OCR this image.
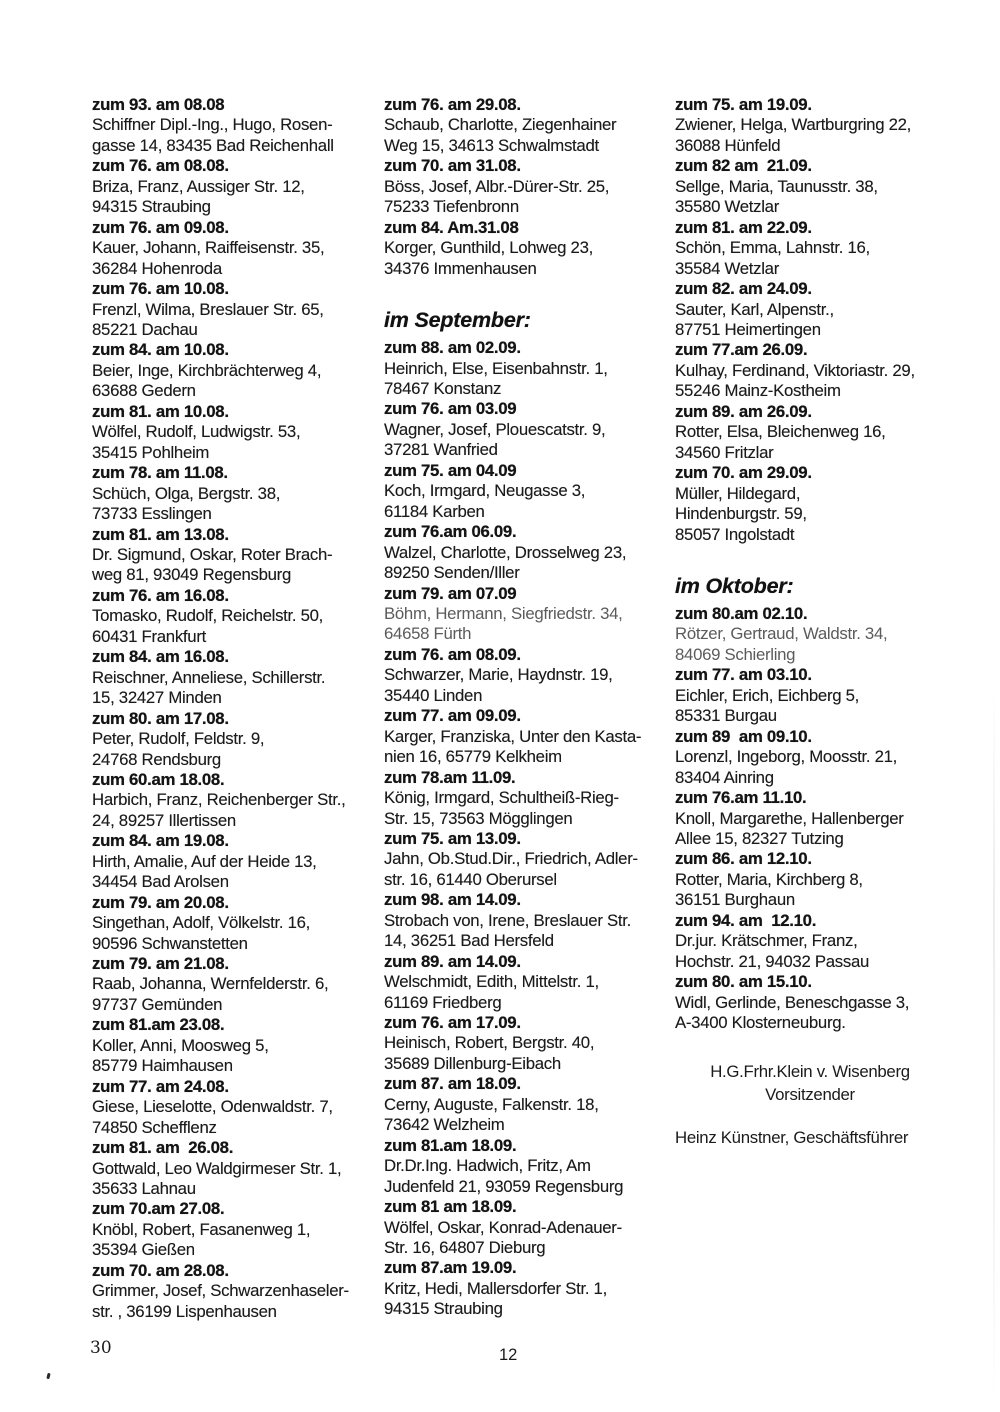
zum 93. am 08.08
Schiffner Dipl.-Ing., Hugo, Rosen-
gasse 14, 83435 Bad Reichenhall
zum 76. am 08.08.
Briza, Franz, Aussiger Str. 12,
94315 Straubing
zum 76. am 09.08.
Kauer, Johann, Raiffeisenstr. 35,
36284 Hohenroda
zum 76. am 10.08.
Frenzl, Wilma, Breslauer Str. 65,
85221 Dachau
zum 84. am 10.08.
Beier, Inge, Kirchbrächterweg 4,
63688 Gedern
zum 81. am 10.08.
Wölfel, Rudolf, Ludwigstr. 53,
35415 Pohlheim
zum 78. am 11.08.
Schüch, Olga, Bergstr. 38,
73733 Esslingen
zum 81. am 13.08.
Dr. Sigmund, Oskar, Roter Brach-
weg 81, 93049 Regensburg
zum 76. am 16.08.
Tomasko, Rudolf, Reichelstr. 50,
60431 Frankfurt
zum 84. am 16.08.
Reischner, Anneliese, Schillerstr.
15, 32427 Minden
zum 80. am 17.08.
Peter, Rudolf, Feldstr. 9,
24768 Rendsburg
zum 60.am 18.08.
Harbich, Franz, Reichenberger Str.,
24, 89257 Illertissen
zum 84. am 19.08.
Hirth, Amalie, Auf der Heide 13,
34454 Bad Arolsen
zum 79. am 20.08.
Singethan, Adolf, Völkelstr. 16,
90596 Schwanstetten
zum 79. am 21.08.
Raab, Johanna, Wernfelderstr. 6,
97737 Gemünden
zum 81.am 23.08.
Koller, Anni, Moosweg 5,
85779 Haimhausen
zum 77. am 24.08.
Giese, Lieselotte, Odenwaldstr. 7,
74850 Schefflenz
zum 81. am  26.08.
Gottwald, Leo Waldgirmeser Str. 1,
35633 Lahnau
zum 70.am 27.08.
Knöbl, Robert, Fasanenweg 1,
35394 Gießen
zum 70. am 28.08.
Grimmer, Josef, Schwarzenhaseler-
str. , 36199 Lispenhausen
zum 76. am 29.08.
Schaub, Charlotte, Ziegenhainer
Weg 15, 34613 Schwalmstadt
zum 70. am 31.08.
Böss, Josef, Albr.-Dürer-Str. 25,
75233 Tiefenbronn
zum 84. Am.31.08
Korger, Gunthild, Lohweg 23,
34376 Immenhausen
im September:
zum 88. am 02.09.
Heinrich, Else, Eisenbahnstr. 1,
78467 Konstanz
zum 76. am 03.09
Wagner, Josef, Plouescatstr. 9,
37281 Wanfried
zum 75. am 04.09
Koch, Irmgard, Neugasse 3,
61184 Karben
zum 76.am 06.09.
Walzel, Charlotte, Drosselweg 23,
89250 Senden/Iller
zum 79. am 07.09
Böhm, Hermann, Siegfriedstr. 34,
64658 Fürth
zum 76. am 08.09.
Schwarzer, Marie, Haydnstr. 19,
35440 Linden
zum 77. am 09.09.
Karger, Franziska, Unter den Kasta-
nien 16, 65779 Kelkheim
zum 78.am 11.09.
König, Irmgard, Schultheiß-Rieg-
Str. 15, 73563 Mögglingen
zum 75. am 13.09.
Jahn, Ob.Stud.Dir., Friedrich, Adler-
str. 16, 61440 Oberursel
zum 98. am 14.09.
Strobach von, Irene, Breslauer Str.
14, 36251 Bad Hersfeld
zum 89. am 14.09.
Welschmidt, Edith, Mittelstr. 1,
61169 Friedberg
zum 76. am 17.09.
Heinisch, Robert, Bergstr. 40,
35689 Dillenburg-Eibach
zum 87. am 18.09.
Cerny, Auguste, Falkenstr. 18,
73642 Welzheim
zum 81.am 18.09.
Dr.Dr.Ing. Hadwich, Fritz, Am
Judenfeld 21, 93059 Regensburg
zum 81 am 18.09.
Wölfel, Oskar, Konrad-Adenauer-
Str. 16, 64807 Dieburg
zum 87.am 19.09.
Kritz, Hedi, Mallersdorfer Str. 1,
94315 Straubing
zum 75. am 19.09.
Zwiener, Helga, Wartburgring 22,
36088 Hünfeld
zum 82 am  21.09.
Sellge, Maria, Taunusstr. 38,
35580 Wetzlar
zum 81. am 22.09.
Schön, Emma, Lahnstr. 16,
35584 Wetzlar
zum 82. am 24.09.
Sauter, Karl, Alpenstr.,
87751 Heimertingen
zum 77.am 26.09.
Kulhay, Ferdinand, Viktoriastr. 29,
55246 Mainz-Kostheim
zum 89. am 26.09.
Rotter, Elsa, Bleichenweg 16,
34560 Fritzlar
zum 70. am 29.09.
Müller, Hildegard,
Hindenburgstr. 59,
85057 Ingolstadt
im Oktober:
zum 80.am 02.10.
Rötzer, Gertraud, Waldstr. 34,
84069 Schierling
zum 77. am 03.10.
Eichler, Erich, Eichberg 5,
85331 Burgau
zum 89  am 09.10.
Lorenzl, Ingeborg, Moosstr. 21,
83404 Ainring
zum 76.am 11.10.
Knoll, Margarethe, Hallenberger
Allee 15, 82327 Tutzing
zum 86. am 12.10.
Rotter, Maria, Kirchberg 8,
36151 Burghaun
zum 94. am  12.10.
Dr.jur. Krätschmer, Franz,
Hochstr. 21, 94032 Passau
zum 80. am 15.10.
Widl, Gerlinde, Beneschgasse 3,
A-3400 Klosterneuburg.
H.G.Frhr.Klein v. Wisenberg
Vorsitzender
Heinz Künstner, Geschäftsführer
30	12
